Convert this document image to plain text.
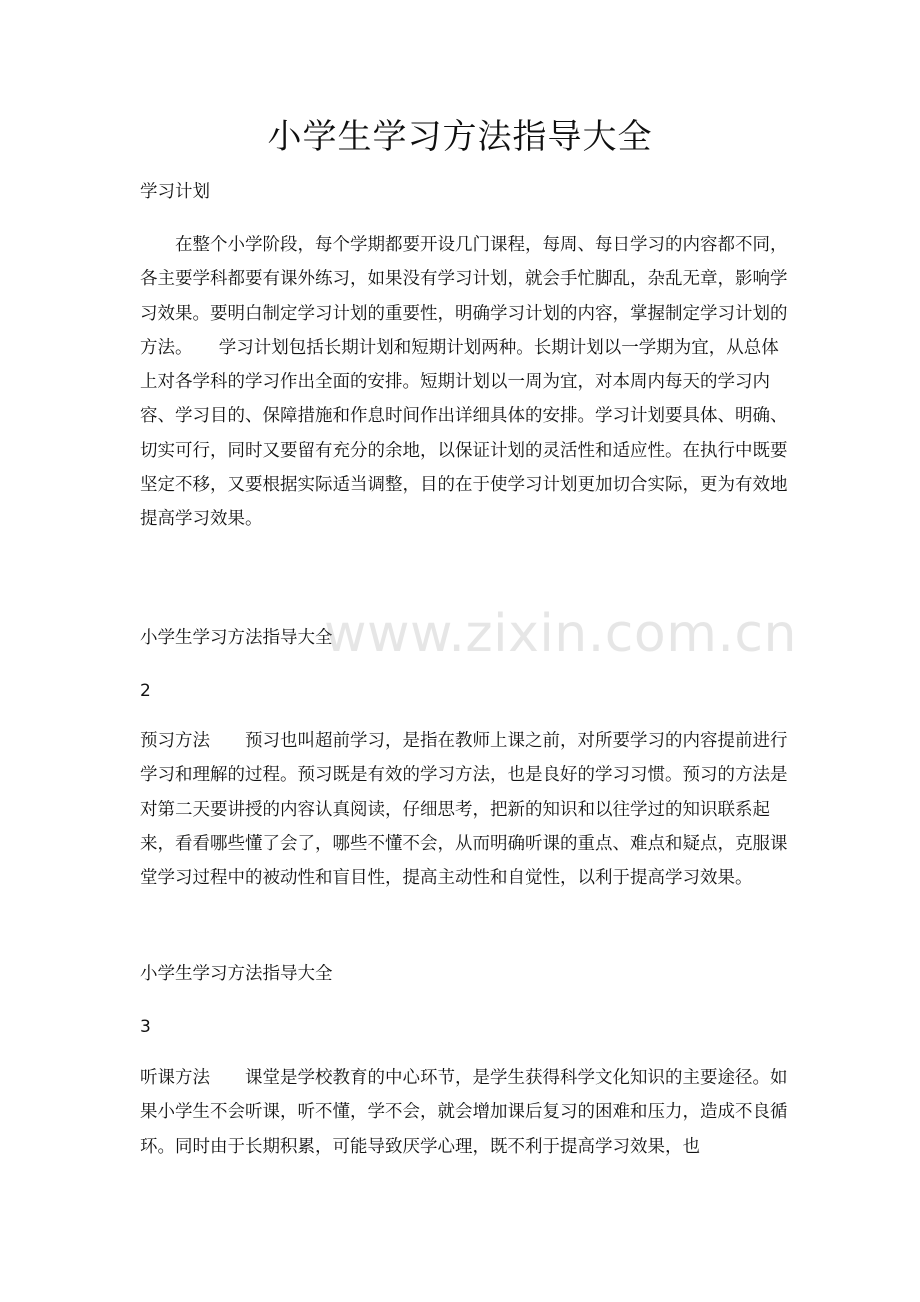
小学生学习方法指导大全

学习计划

　　在整个小学阶段，每个学期都要开设几门课程，每周、每日学习的内容都不同，各主要学科都要有课外练习，如果没有学习计划，就会手忙脚乱，杂乱无章，影响学习效果。要明白制定学习计划的重要性，明确学习计划的内容，掌握制定学习计划的方法。　　学习计划包括长期计划和短期计划两种。长期计划以一学期为宜，从总体上对各学科的学习作出全面的安排。短期计划以一周为宜，对本周内每天的学习内容、学习目的、保障措施和作息时间作出详细具体的安排。学习计划要具体、明确、切实可行，同时又要留有充分的余地，以保证计划的灵活性和适应性。在执行中既要坚定不移，又要根据实际适当调整，目的在于使学习计划更加切合实际，更为有效地提高学习效果。

小学生学习方法指导大全

2

预习方法　　预习也叫超前学习，是指在教师上课之前，对所要学习的内容提前进行学习和理解的过程。预习既是有效的学习方法，也是良好的学习习惯。预习的方法是对第二天要讲授的内容认真阅读，仔细思考，把新的知识和以往学过的知识联系起来，看看哪些懂了会了，哪些不懂不会，从而明确听课的重点、难点和疑点，克服课堂学习过程中的被动性和盲目性，提高主动性和自觉性，以利于提高学习效果。

小学生学习方法指导大全

3

听课方法　　课堂是学校教育的中心环节，是学生获得科学文化知识的主要途径。如果小学生不会听课，听不懂，学不会，就会增加课后复习的困难和压力，造成不良循环。同时由于长期积累，可能导致厌学心理，既不利于提高学习效果，也

www.zixin.com.cn
